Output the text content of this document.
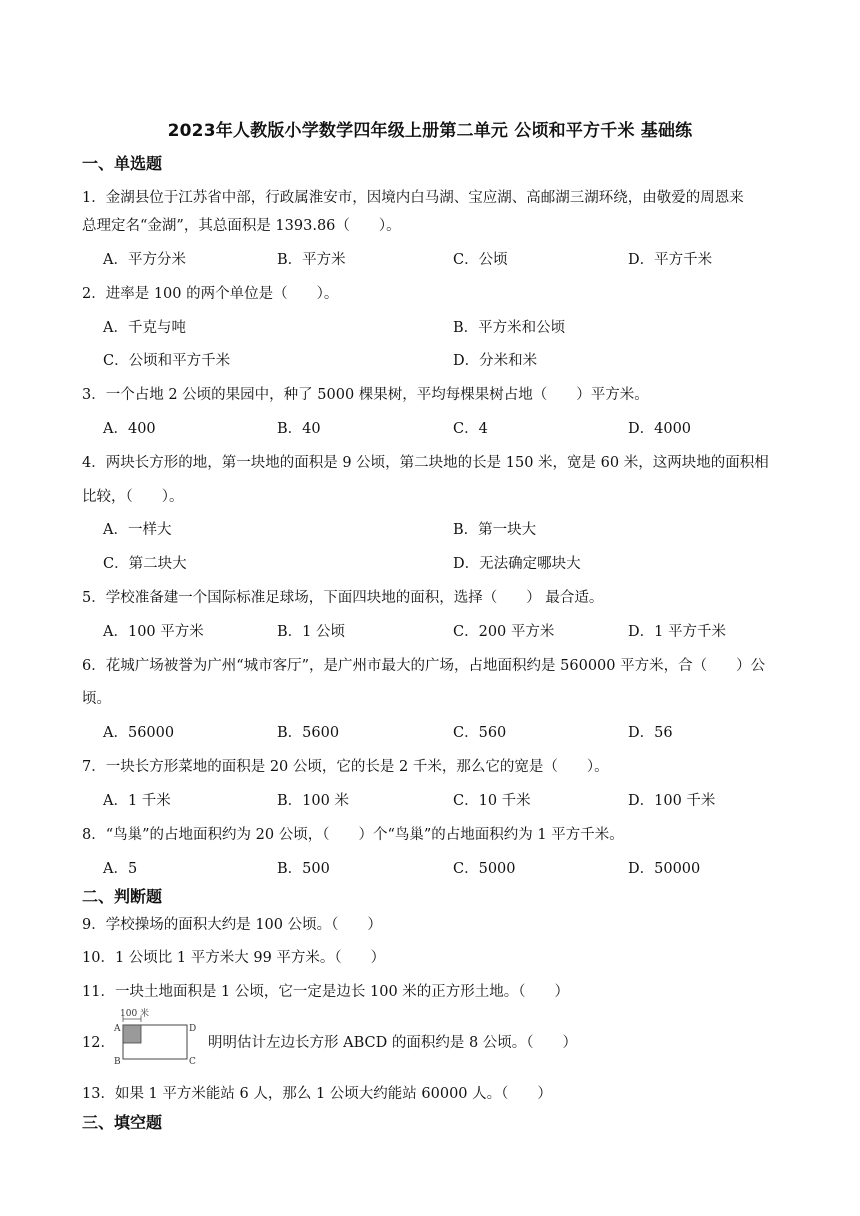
2023年人教版小学数学四年级上册第二单元 公顷和平方千米 基础练
一、单选题
1．金湖县位于江苏省中部，行政属淮安市，因境内白马湖、宝应湖、高邮湖三湖环绕，由敬爱的周恩来
总理定名“金湖”，其总面积是 1393.86（　　）。
A．平方分米	B．平方米	C．公顷	D．平方千米
2．进率是 100 的两个单位是（　　）。
A．千克与吨	B．平方米和公顷
C．公顷和平方千米	D．分米和米
3．一个占地 2 公顷的果园中，种了 5000 棵果树，平均每棵果树占地（　　）平方米。
A．400	B．40	C．4	D．4000
4．两块长方形的地，第一块地的面积是 9 公顷，第二块地的长是 150 米，宽是 60 米，这两块地的面积相
比较，（　　）。
A．一样大	B．第一块大
C．第二块大	D．无法确定哪块大
5．学校准备建一个国际标准足球场，下面四块地的面积，选择（　　） 最合适。
A．100 平方米	B．1 公顷	C．200 平方米	D．1 平方千米
6．花城广场被誉为广州“城市客厅”，是广州市最大的广场，占地面积约是 560000 平方米，合（　　）公
顷。
A．56000	B．5600	C．560	D．56
7．一块长方形菜地的面积是 20 公顷，它的长是 2 千米，那么它的宽是（　　）。
A．1 千米	B．100 米	C．10 千米	D．100 千米
8．“鸟巢”的占地面积约为 20 公顷，（　　）个“鸟巢”的占地面积约为 1 平方千米。
A．5	B．500	C．5000	D．50000
二、判断题
9．学校操场的面积大约是 100 公顷。（　　）
10．1 公顷比 1 平方米大 99 平方米。（　　）
11．一块土地面积是 1 公顷，它一定是边长 100 米的正方形土地。（　　）
12．
100 米
A
B	C
D
明明估计左边长方形 ABCD 的面积约是 8 公顷。（　　）
13．如果 1 平方米能站 6 人，那么 1 公顷大约能站 60000 人。（　　）
三、填空题
